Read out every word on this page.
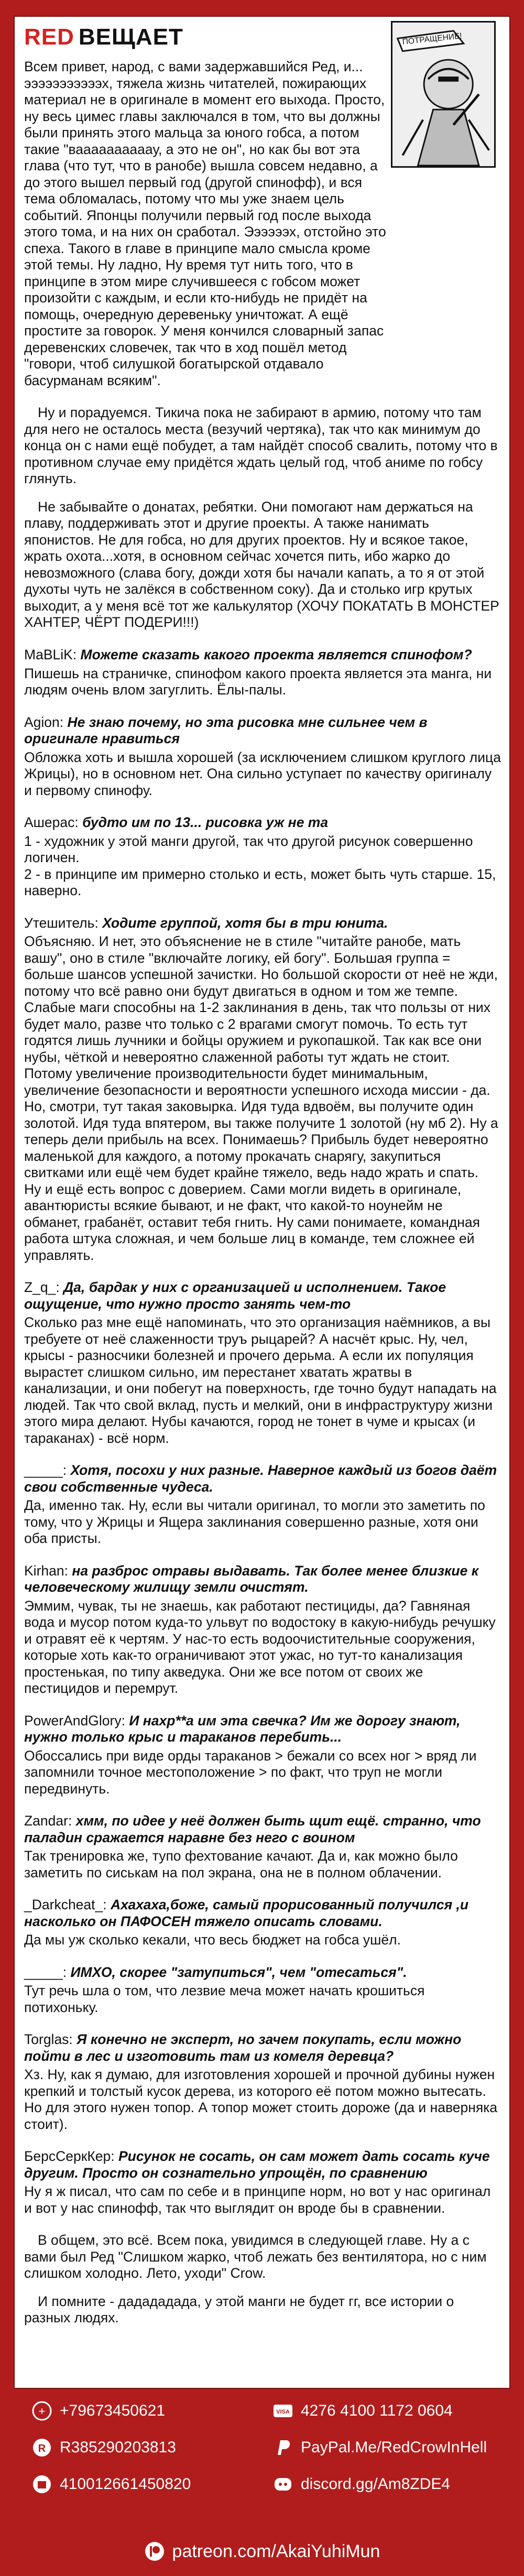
RED ВЕЩАЕТ	ПОТРАЩЕНИЕ!

Всем привет, народ, с вами задержавшийся Ред, и... эээээээээээх, тяжела жизнь читателей, пожирающих материал не в оригинале в момент его выхода. Просто, ну весь цимес главы заключался в том, что вы должны были принять этого мальца за юного гобса, а потом такие "ваааааааааау, а это не он", но как бы вот эта глава (что тут, что в ранобе) вышла совсем недавно, а до этого вышел первый год (другой спинофф), и вся тема обломалась, потому что мы уже знаем цель событий. Японцы получили первый год после выхода этого тома, и на них он сработал. Ээээээх, отстойно это спеха. Такого в главе в принципе мало смысла кроме этой темы. Ну ладно, Ну время тут нить того, что в принципе в этом мире случившееся с гобсом может произойти с каждым, и если кто-нибудь не придёт на помощь, очередную деревеньку уничтожат. А ещё простите за говорок. У меня кончился словарный запас деревенских словечек, так что в ход пошёл метод "говори, чтоб силушкой богатырской отдавало басурманам всяким".

Ну и порадуемся. Тикича пока не забирают в армию, потому что там для него не осталось места (везучий чертяка), так что как минимум до конца он с нами ещё побудет, а там найдёт способ свалить, потому что в противном случае ему придётся ждать целый год, чтоб аниме по гобсу глянуть.

Не забывайте о донатах, ребятки. Они помогают нам держаться на плаву, поддерживать этот и другие проекты. А также нанимать японистов. Не для гобса, но для других проектов. Ну и всякое такое, жрать охота...хотя, в основном сейчас хочется пить, ибо жарко до невозможного (слава богу, дожди хотя бы начали капать, а то я от этой духоты чуть не залёкся в собственном соку). Да и столько игр крутых выходит, а у меня всё тот же калькулятор (ХОЧУ ПОКАТАТЬ В МОНСТЕР ХАНТЕР, ЧЁРТ ПОДЕРИ!!!)

MaBLiK: Можете сказать какого проекта является спинофом?

Пишешь на страничке, спинофом какого проекта является эта манга, ни людям очень влом загуглить. Ёлы-палы.

Agion: Не знаю почему, но эта рисовка мне сильнее чем в оригинале нравиться

Обложка хоть и вышла хорошей (за исключением слишком круглого лица Жрицы), но в основном нет. Она сильно уступает по качеству оригиналу и первому спинофу.

Ашерас: будто им по 13... рисовка уж не та

1 - художник у этой манги другой, так что другой рисунок совершенно логичен.
2 - в принципе им примерно столько и есть, может быть чуть старше. 15, наверно.

Утешитель: Ходите группой, хотя бы в три юнита.

Объясняю. И нет, это объяснение не в стиле "читайте ранобе, мать вашу", оно в стиле "включайте логику, ей богу". Большая группа = больше шансов успешной зачистки. Но большой скорости от неё не жди, потому что всё равно они будут двигаться в одном и том же темпе. Слабые маги способны на 1-2 заклинания в день, так что пользы от них будет мало, разве что только с 2 врагами смогут помочь. То есть тут годятся лишь лучники и бойцы оружием и рукопашкой. Так как все они нубы, чёткой и невероятно слаженной работы тут ждать не стоит. Потому увеличение производительности будет минимальным, увеличение безопасности и вероятности успешного исхода миссии - да. Но, смотри, тут такая заковырка. Идя туда вдвоём, вы получите один золотой. Идя туда впятером, вы также получите 1 золотой (ну мб 2). Ну а теперь дели прибыль на всех. Понимаешь? Прибыль будет невероятно маленькой для каждого, а потому прокачать снарягу, закупиться свитками или ещё чем будет крайне тяжело, ведь надо жрать и спать.
Ну и ещё есть вопрос с доверием. Сами могли видеть в оригинале, авантюристы всякие бывают, и не факт, что какой-то ноунейм не обманет, грабанёт, оставит тебя гнить. Ну сами понимаете, командная работа штука сложная, и чем больше лиц в команде, тем сложнее ей управлять.

Z_q_: Да, бардак у них с организацией и исполнением. Такое ощущение, что нужно просто занять чем-то

Сколько раз мне ещё напоминать, что это организация наёмников, а вы требуете от неё слаженности труъ рыцарей? А насчёт крыс. Ну, чел, крысы - разносчики болезней и прочего дерьма. А если их популяция вырастет слишком сильно, им перестанет хватать жратвы в канализации, и они побегут на поверхность, где точно будут нападать на людей. Так что свой вклад, пусть и мелкий, они в инфраструктуру жизни этого мира делают. Нубы качаются, город не тонет в чуме и крысах (и тараканах) - всё норм.

_____: Хотя, посохи у них разные. Наверное каждый из богов даёт свои собственные чудеса.

Да, именно так. Ну, если вы читали оригинал, то могли это заметить по тому, что у Жрицы и Ящера заклинания совершенно разные, хотя они оба присты.

Kirhan: на разброс отравы выдавать. Так более менее близкие к человеческому жилищу земли очистят.

Эммим, чувак, ты не знаешь, как работают пестициды, да? Гавняная вода и мусор потом куда-то ульвут по водостоку в какую-нибудь речушку и отравят её к чертям. У нас-то есть водоочистительные сооружения, которые хоть как-то ограничивают этот ужас, но тут-то канализация простенькая, по типу акведука. Они же все потом от своих же пестицидов и перемрут.

PowerAndGlory: И нахр**а им эта свечка? Им же дорогу знают, нужно только крыс и тараканов перебить...

Обоссались при виде орды тараканов > бежали со всех ног > вряд ли запомнили точное местоположение > по факт, что труп не могли передвинуть.

Zandar: хмм, по идее у неё должен быть щит ещё. странно, что паладин сражается наравне без него с воином

Так тренировка же, тупо фехтование качают. Да и, как можно было заметить по сиськам на пол экрана, она не в полном облачении.

_Darkcheat_: Ахахаха,боже, самый прорисованный получился ,и насколько он ПАФОСЕН тяжело описать словами.

Да мы уж сколько кекали, что весь бюджет на гобса ушёл.

_____: ИМХО, скорее "затупиться", чем "отесаться".

Тут речь шла о том, что лезвие меча может начать крошиться потихоньку.

Torglas: Я конечно не эксперт, но зачем покупать, если можно пойти в лес и изготовить там из комеля деревца?

Хз. Ну, как я думаю, для изготовления хорошей и прочной дубины нужен крепкий и толстый кусок дерева, из которого её потом можно вытесать. Но для этого нужен топор. А топор может стоить дороже (да и наверняка стоит).

БерсСеркКер: Рисунок не сосать, он сам может дать сосать куче другим. Просто он сознательно упрощён, по сравнению

Ну я ж писал, что сам по себе и в принципе норм, но вот у нас оригинал и вот у нас спинофф, так что выглядит он вроде бы в сравнении.

В общем, это всё. Всем пока, увидимся в следующей главе. Ну а с вами был Ред "Слишком жарко, чтоб лежать без вентилятора, но с ним слишком холодно. Лето, уходи" Crow.

И помните - дадададада, у этой манги не будет гг, все истории о разных людях.

+ +79673450621
R R385290203813
410012661450820
VISA 4276 4100 1172 0604
PayPal.Me/RedCrowInHell
discord.gg/Am8ZDE4
patreon.com/AkaiYuhiMun
